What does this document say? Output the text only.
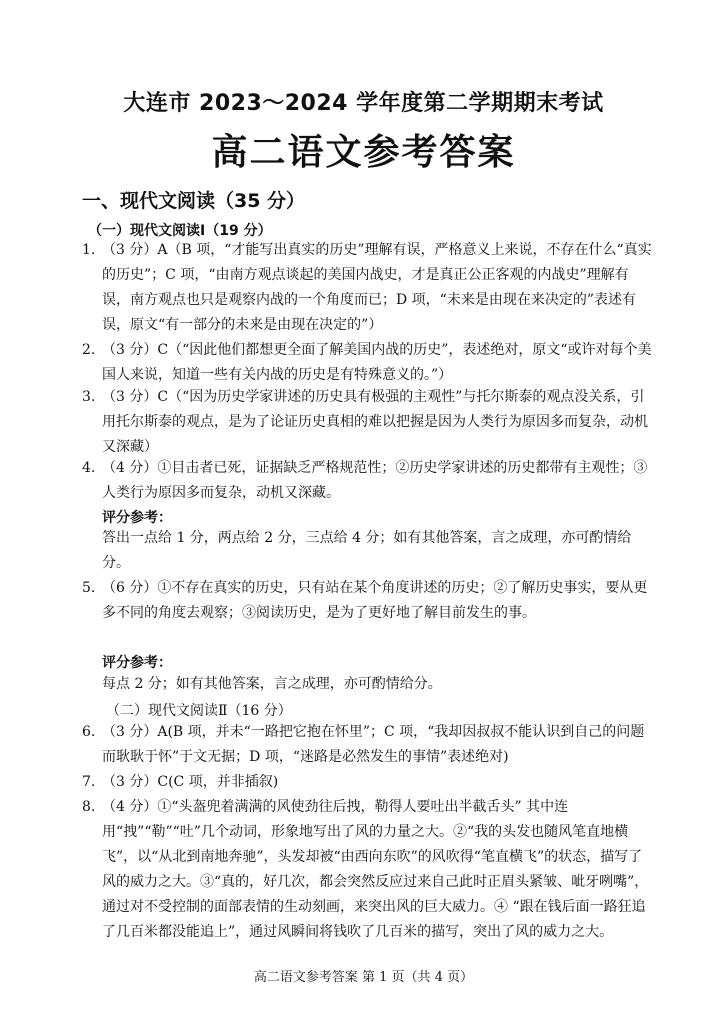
大连市 2023～2024 学年度第二学期期末考试
高二语文参考答案
一、现代文阅读（35 分）
（一）现代文阅读Ⅰ（19 分）
1. （3 分）A（B 项，“才能写出真实的历史”理解有误，严格意义上来说，不存在什么“真实的历史”；C 项，“由南方观点谈起的美国内战史，才是真正公正客观的内战史”理解有误，南方观点也只是观察内战的一个角度而已；D 项，“未来是由现在来决定的”表述有误，原文“有一部分的未来是由现在决定的”）
2. （3 分）C（“因此他们都想更全面了解美国内战的历史”，表述绝对，原文“或许对每个美国人来说，知道一些有关内战的历史是有特殊意义的。”）
3. （3 分）C（“因为历史学家讲述的历史具有极强的主观性”与托尔斯泰的观点没关系，引用托尔斯泰的观点，是为了论证历史真相的难以把握是因为人类行为原因多而复杂，动机又深藏）
4. （4 分）①目击者已死，证据缺乏严格规范性；②历史学家讲述的历史都带有主观性；③人类行为原因多而复杂，动机又深藏。
评分参考：
答出一点给 1 分，两点给 2 分，三点给 4 分；如有其他答案，言之成理，亦可酌情给分。
5. （6 分）①不存在真实的历史，只有站在某个角度讲述的历史；②了解历史事实，要从更多不同的角度去观察；③阅读历史，是为了更好地了解目前发生的事。
评分参考：
每点 2 分；如有其他答案，言之成理，亦可酌情给分。
（二）现代文阅读Ⅱ（16 分）
6. （3 分）A(B 项，并未“一路把它抱在怀里”；C 项，“我却因叔叔不能认识到自己的问题而耿耿于怀”于文无据；D 项，“迷路是必然发生的事情”表述绝对)
7. （3 分）C(C 项，并非插叙)
8. （4 分）①“头盔兜着满满的风使劲往后拽，勒得人要吐出半截舌头” 其中连用“拽”“勒”“吐”几个动词，形象地写出了风的力量之大。②“我的头发也随风笔直地横飞”，以“从北到南地奔驰”，头发却被“由西向东吹”的风吹得“笔直横飞”的状态，描写了风的威力之大。③“真的，好几次，都会突然反应过来自己此时正眉头紧皱、呲牙咧嘴”，通过对不受控制的面部表情的生动刻画，来突出风的巨大威力。④ “跟在钱后面一路狂追了几百米都没能追上”，通过风瞬间将钱吹了几百米的描写，突出了风的威力之大。
高二语文参考答案 第 1 页（共 4 页）
